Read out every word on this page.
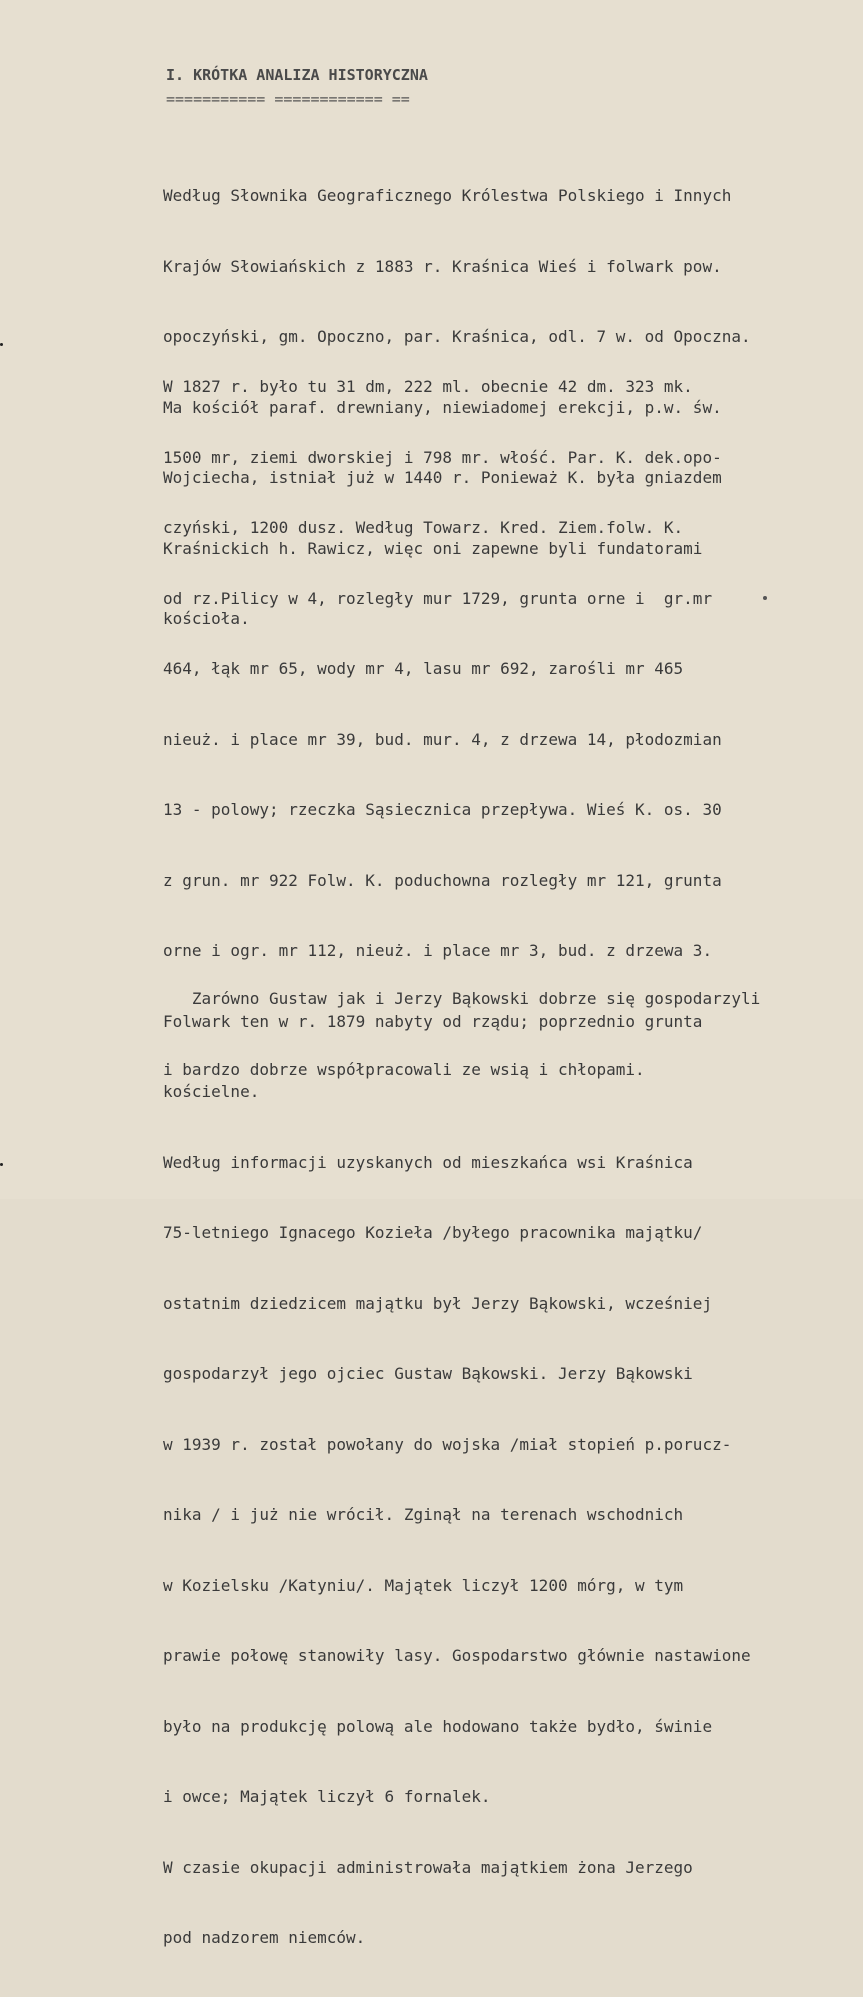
I. KRÓTKA ANALIZA HISTORYCZNA
=========== ============ ==

Według Słownika Geograficznego Królestwa Polskiego i Innych

Krajów Słowiańskich z 1883 r. Kraśnica Wieś i folwark pow.

opoczyński, gm. Opoczno, par. Kraśnica, odl. 7 w. od Opoczna.

Ma kościół paraf. drewniany, niewiadomej erekcji, p.w. św.

Wojciecha, istniał już w 1440 r. Ponieważ K. była gniazdem

Kraśnickich h. Rawicz, więc oni zapewne byli fundatorami

kościoła.

W 1827 r. było tu 31 dm, 222 ml. obecnie 42 dm. 323 mk.

1500 mr, ziemi dworskiej i 798 mr. włość. Par. K. dek.opo-

czyński, 1200 dusz. Według Towarz. Kred. Ziem.folw. K.

od rz.Pilicy w 4, rozległy mur 1729, grunta orne i  gr.mr

464, łąk mr 65, wody mr 4, lasu mr 692, zarośli mr 465

nieuż. i place mr 39, bud. mur. 4, z drzewa 14, płodozmian

13 - polowy; rzeczka Sąsiecznica przepływa. Wieś K. os. 30

z grun. mr 922 Folw. K. poduchowna rozległy mr 121, grunta

orne i ogr. mr 112, nieuż. i place mr 3, bud. z drzewa 3.

Folwark ten w r. 1879 nabyty od rządu; poprzednio grunta

kościelne.

Według informacji uzyskanych od mieszkańca wsi Kraśnica

75-letniego Ignacego Kozieła /byłego pracownika majątku/

ostatnim dziedzicem majątku był Jerzy Bąkowski, wcześniej

gospodarzył jego ojciec Gustaw Bąkowski. Jerzy Bąkowski

w 1939 r. został powołany do wojska /miał stopień p.porucz-

nika / i już nie wrócił. Zginął na terenach wschodnich

w Kozielsku /Katyniu/. Majątek liczył 1200 mórg, w tym

prawie połowę stanowiły lasy. Gospodarstwo głównie nastawione

było na produkcję polową ale hodowano także bydło, świnie

i owce; Majątek liczył 6 fornalek.

W czasie okupacji administrowała majątkiem żona Jerzego

pod nadzorem niemców.

Zarówno Gustaw jak i Jerzy Bąkowski dobrze się gospodarzyli

i bardzo dobrze współpracowali ze wsią i chłopami.
